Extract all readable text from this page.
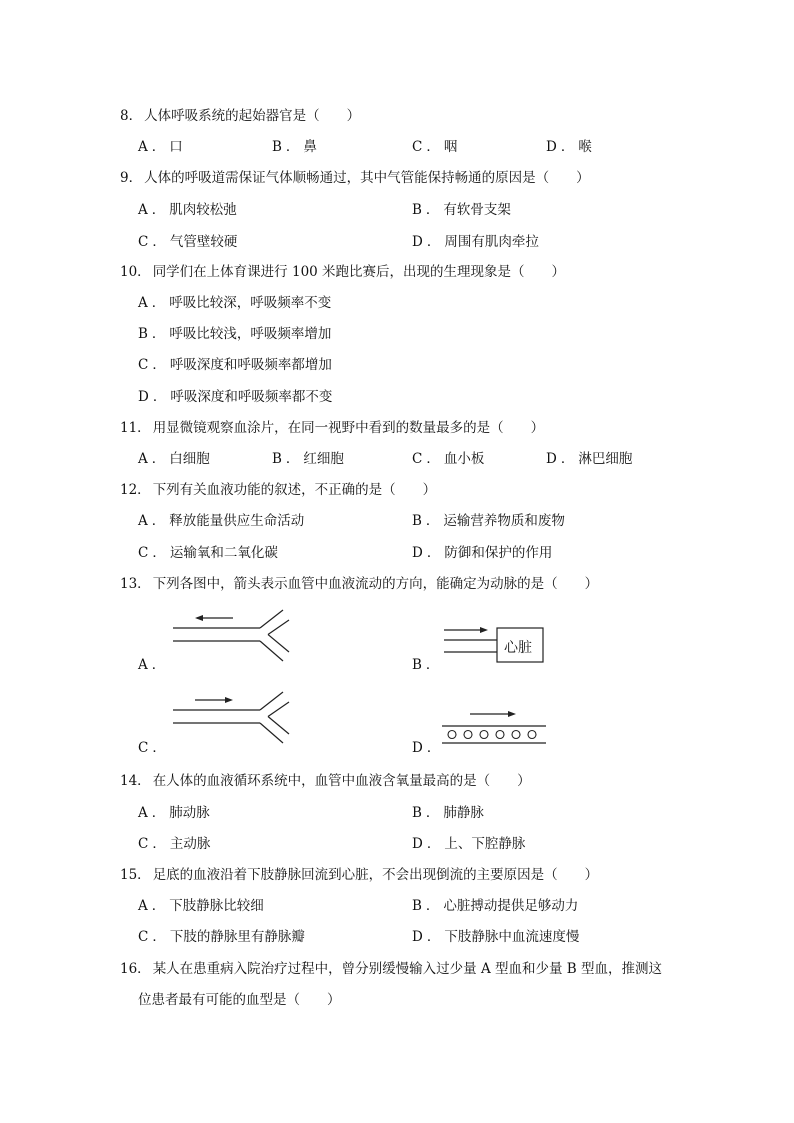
8． 人体呼吸系统的起始器官是（　　）
A ． 口	B ． 鼻	C ． 咽	D ． 喉
9． 人体的呼吸道需保证气体顺畅通过，其中气管能保持畅通的原因是（　　）
A ． 肌肉较松弛	B ． 有软骨支架
C ． 气管壁较硬	D ． 周围有肌肉牵拉
10． 同学们在上体育课进行 100 米跑比赛后，出现的生理现象是（　　）
A ． 呼吸比较深，呼吸频率不变
B ． 呼吸比较浅，呼吸频率增加
C ． 呼吸深度和呼吸频率都增加
D ． 呼吸深度和呼吸频率都不变
11． 用显微镜观察血涂片，在同一视野中看到的数量最多的是（　　）
A ． 白细胞	B ． 红细胞	C ． 血小板	D ． 淋巴细胞
12． 下列有关血液功能的叙述，不正确的是（　　）
A ． 释放能量供应生命活动	B ． 运输营养物质和废物
C ． 运输氧和二氧化碳	D ． 防御和保护的作用
13． 下列各图中，箭头表示血管中血液流动的方向，能确定为动脉的是（　　）
A ．	B ．
心脏
C ．	D ．
14． 在人体的血液循环系统中，血管中血液含氧量最高的是（　　）
A ． 肺动脉	B ． 肺静脉
C ． 主动脉	D ． 上、下腔静脉
15． 足底的血液沿着下肢静脉回流到心脏，不会出现倒流的主要原因是（　　）
A ． 下肢静脉比较细	B ． 心脏搏动提供足够动力
C ． 下肢的静脉里有静脉瓣	D ． 下肢静脉中血流速度慢
16． 某人在患重病入院治疗过程中，曾分别缓慢输入过少量 A 型血和少量 B 型血，推测这
位患者最有可能的血型是（　　）
